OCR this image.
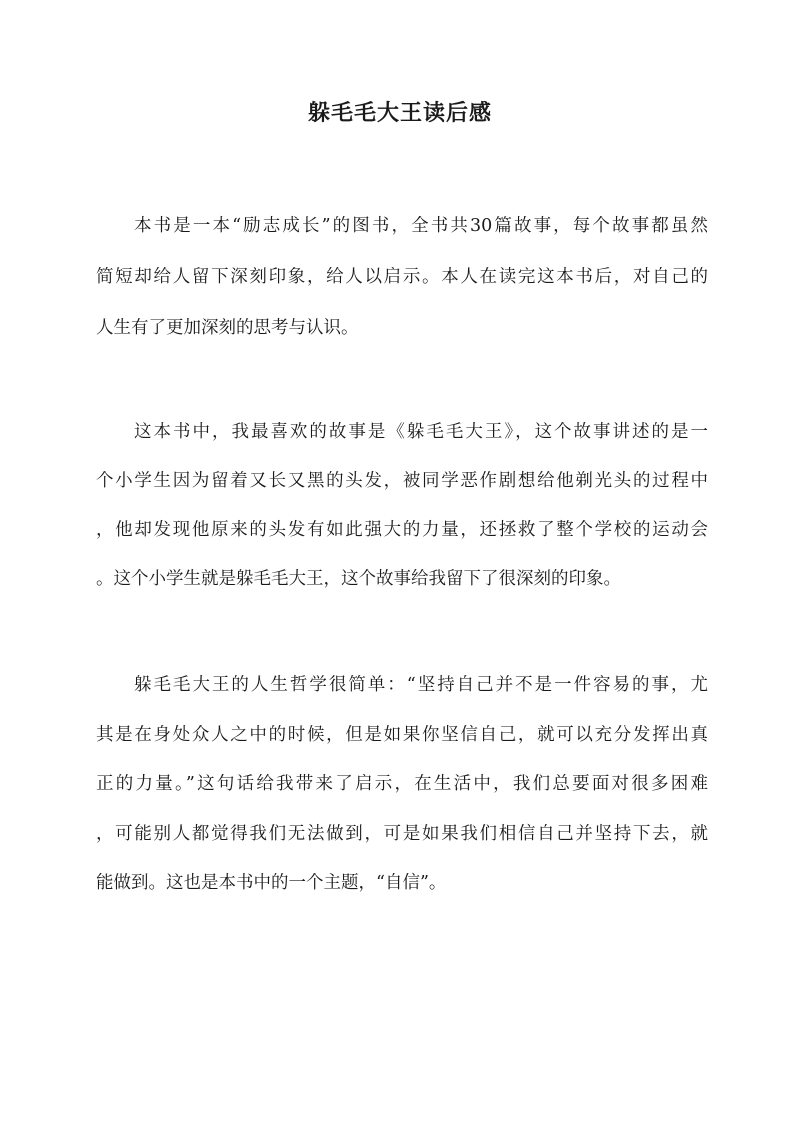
躲毛毛大王读后感

本书是一本“励志成长”的图书，全书共30篇故事，每个故事都虽然

简短却给人留下深刻印象，给人以启示。本人在读完这本书后，对自己的

人生有了更加深刻的思考与认识。

这本书中，我最喜欢的故事是《躲毛毛大王》，这个故事讲述的是一

个小学生因为留着又长又黑的头发，被同学恶作剧想给他剃光头的过程中

，他却发现他原来的头发有如此强大的力量，还拯救了整个学校的运动会

。这个小学生就是躲毛毛大王，这个故事给我留下了很深刻的印象。

躲毛毛大王的人生哲学很简单：“坚持自己并不是一件容易的事，尤

其是在身处众人之中的时候，但是如果你坚信自己，就可以充分发挥出真

正的力量。”这句话给我带来了启示，在生活中，我们总要面对很多困难

，可能别人都觉得我们无法做到，可是如果我们相信自己并坚持下去，就

能做到。这也是本书中的一个主题，“自信”。
